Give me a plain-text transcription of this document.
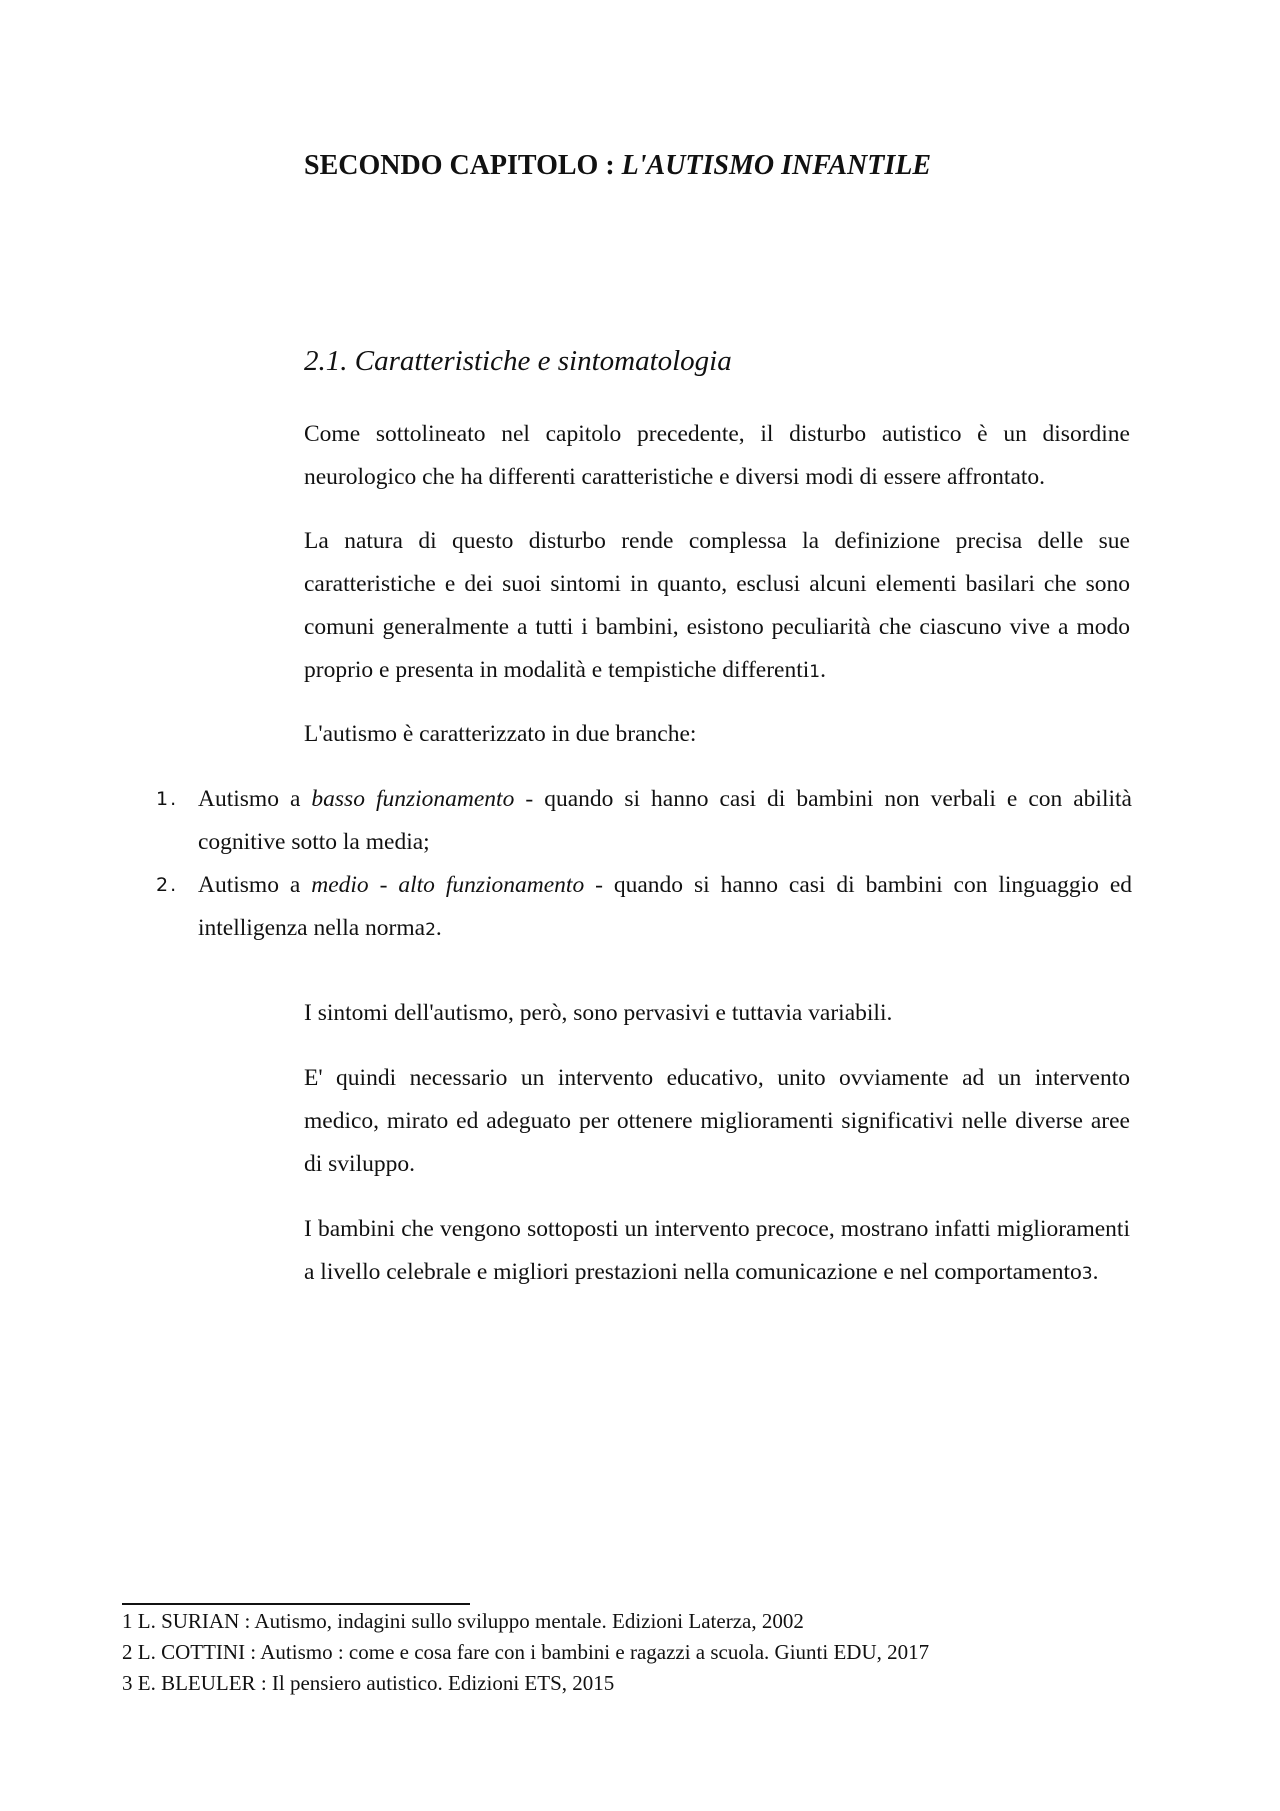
SECONDO CAPITOLO : L'AUTISMO INFANTILE
2.1. Caratteristiche e sintomatologia

Come sottolineato nel capitolo precedente, il disturbo autistico è un disordine neurologico che ha differenti caratteristiche e diversi modi di essere affrontato.

La natura di questo disturbo rende complessa la definizione precisa delle sue caratteristiche e dei suoi sintomi in quanto, esclusi alcuni elementi basilari che sono comuni generalmente a tutti i bambini, esistono peculiarità che ciascuno vive a modo proprio e presenta in modalità e tempistiche differenti1.

L'autismo è caratterizzato in due branche:

1. Autismo a basso funzionamento - quando si hanno casi di bambini non verbali e con abilità cognitive sotto la media;
2. Autismo a medio - alto funzionamento - quando si hanno casi di bambini con linguaggio ed intelligenza nella norma2.

I sintomi dell'autismo, però, sono pervasivi e tuttavia variabili.

E' quindi necessario un intervento educativo, unito ovviamente ad un intervento medico, mirato ed adeguato per ottenere miglioramenti significativi nelle diverse aree di sviluppo.

I bambini che vengono sottoposti un intervento precoce, mostrano infatti miglioramenti a livello celebrale e migliori prestazioni nella comunicazione e nel comportamento3.

1 L. SURIAN : Autismo, indagini sullo sviluppo mentale. Edizioni Laterza, 2002
2 L. COTTINI : Autismo : come e cosa fare con i bambini e ragazzi a scuola. Giunti EDU, 2017
3 E. BLEULER : Il pensiero autistico. Edizioni ETS, 2015
